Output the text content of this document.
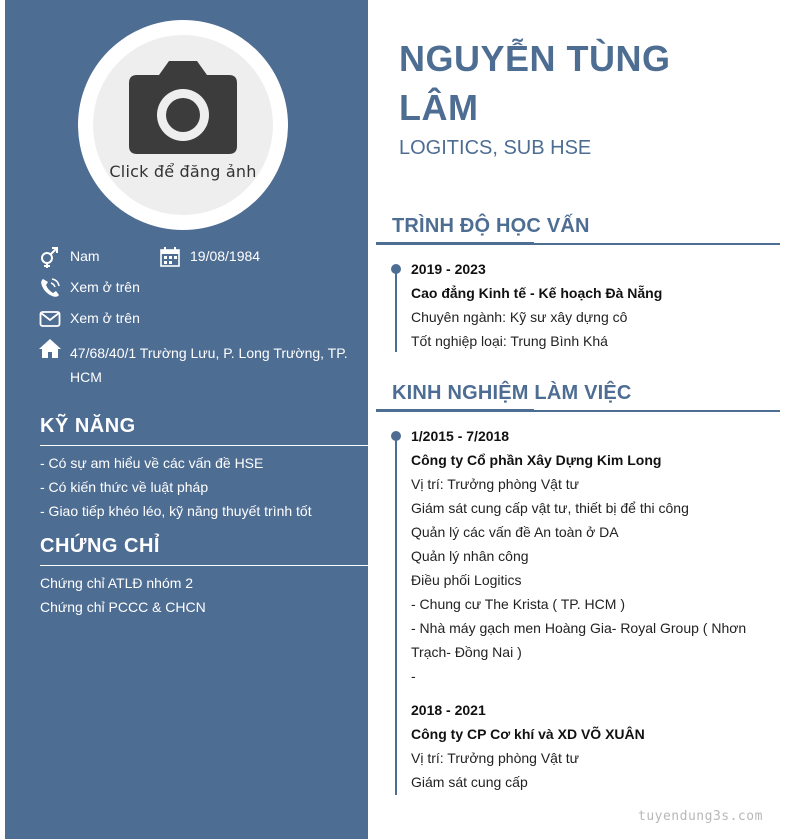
Click để đăng ảnh
Nam	19/08/1984
Xem ở trên
Xem ở trên
47/68/40/1 Trường Lưu, P. Long Trường, TP.
HCM
KỸ NĂNG
- Có sự am hiểu về các vấn đề HSE
- Có kiến thức về luật pháp
- Giao tiếp khéo léo, kỹ năng thuyết trình tốt
CHỨNG CHỈ
Chứng chỉ ATLĐ nhóm 2
Chứng chỉ PCCC & CHCN
NGUYỄN TÙNG
LÂM
LOGITICS, SUB HSE
TRÌNH ĐỘ HỌC VẤN
2019 - 2023
Cao đẳng Kinh tế - Kế hoạch Đà Nẵng
Chuyên ngành: Kỹ sư xây dựng cô
Tốt nghiệp loại: Trung Bình Khá
KINH NGHIỆM LÀM VIỆC
1/2015 - 7/2018
Công ty Cổ phần Xây Dựng Kim Long
Vị trí: Trưởng phòng Vật tư
Giám sát cung cấp vật tư, thiết bị để thi công
Quản lý các vấn đề An toàn ở DA
Quản lý nhân công
Điều phối Logitics
- Chung cư The Krista ( TP. HCM )
- Nhà máy gạch men Hoàng Gia- Royal Group ( Nhơn
Trạch- Đồng Nai )
-
2018 - 2021
Công ty CP Cơ khí và XD VÕ XUÂN
Vị trí: Trưởng phòng Vật tư
Giám sát cung cấp
tuyendung3s.com
